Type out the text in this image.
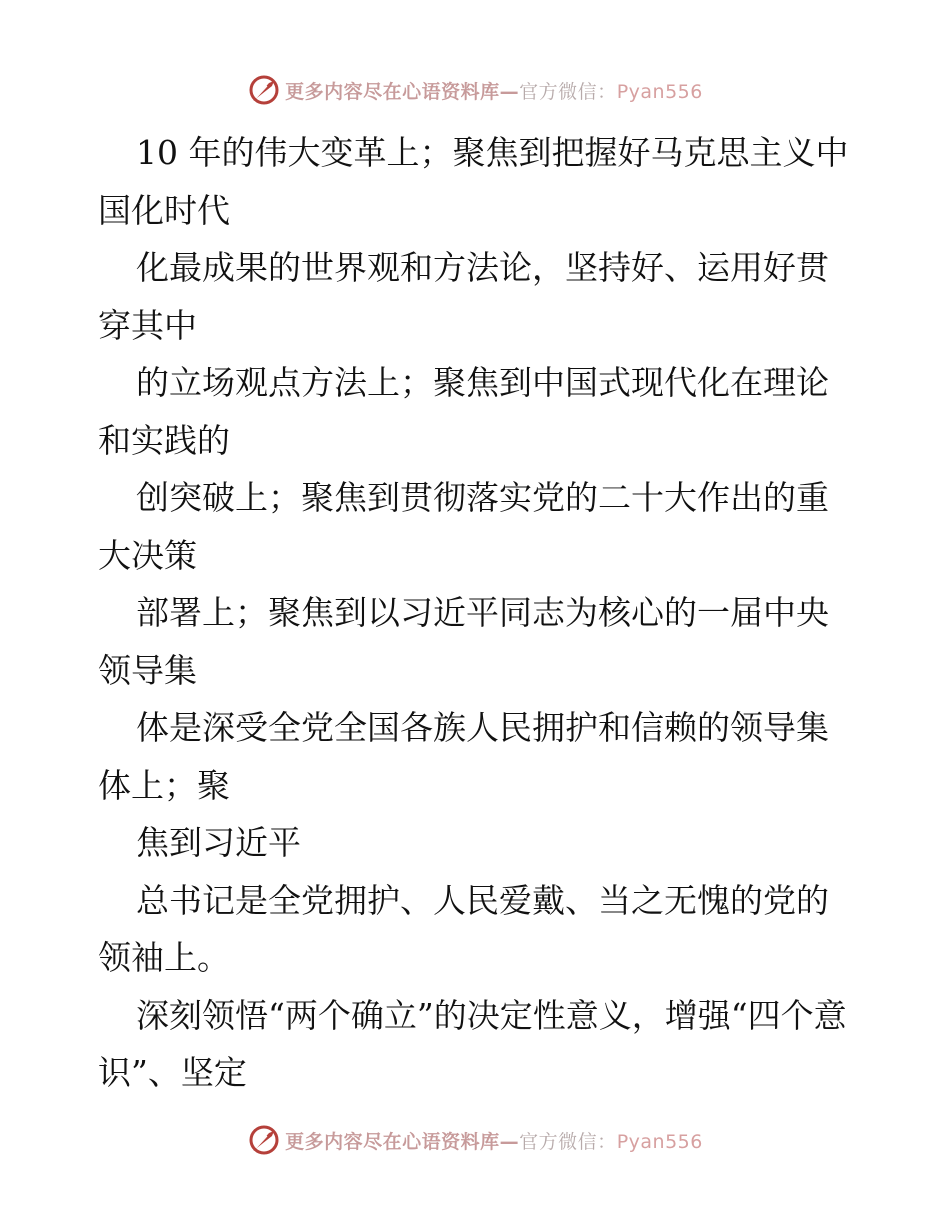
更多内容尽在心语资料库—官方微信：Pyan556

10 年的伟大变革上；聚焦到把握好马克思主义中国化时代

化最成果的世界观和方法论，坚持好、运用好贯穿其中

的立场观点方法上；聚焦到中国式现代化在理论和实践的

创突破上；聚焦到贯彻落实党的二十大作出的重大决策

部署上；聚焦到以习近平同志为核心的一届中央领导集

体是深受全党全国各族人民拥护和信赖的领导集体上；聚

焦到习近平

总书记是全党拥护、人民爱戴、当之无愧的党的领袖上。

深刻领悟“两个确立”的决定性意义，增强“四个意识”、坚定

更多内容尽在心语资料库—官方微信：Pyan556
